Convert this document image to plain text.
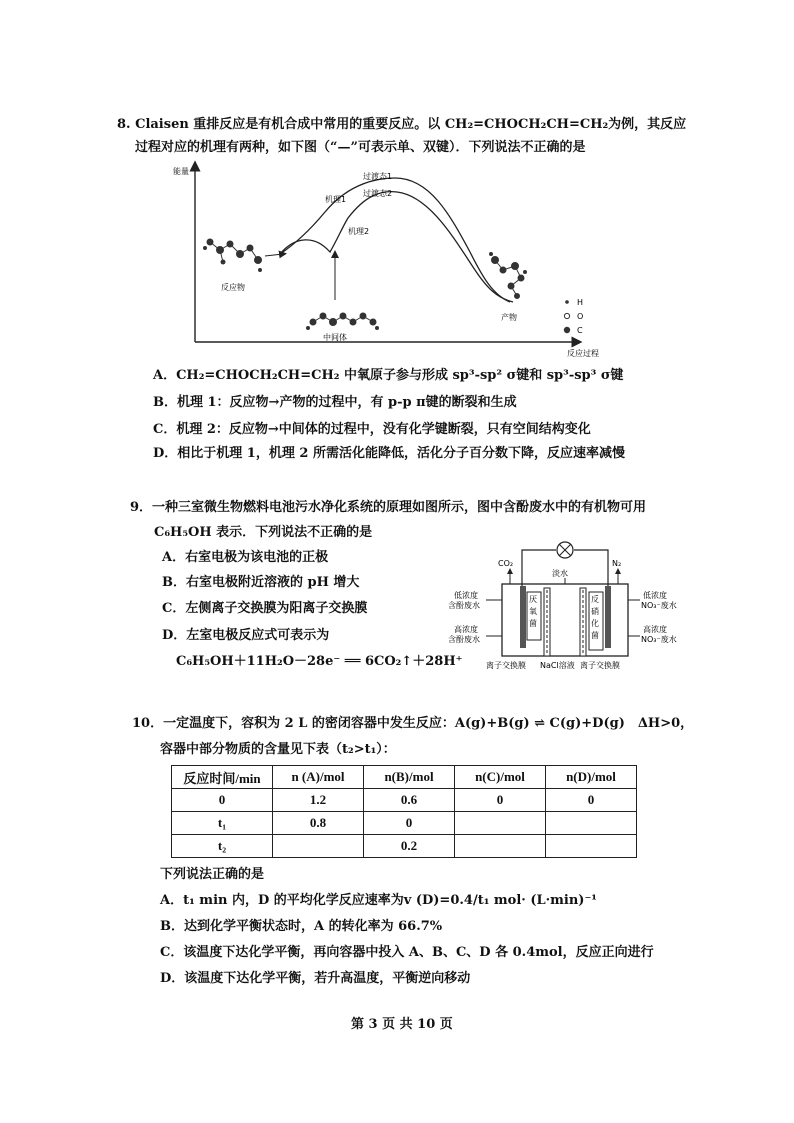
8. Claisen 重排反应是有机合成中常用的重要反应。以 CH₂=CHOCH₂CH=CH₂为例，其反应
过程对应的机理有两种，如下图（“—”可表示单、双键）．下列说法不正确的是
能量
反应过程
过渡态1
过渡态2
机理1
机理2
反应物
中间体
产物
H
O
C
A．CH₂=CHOCH₂CH=CH₂ 中氧原子参与形成 sp³-sp² σ键和 sp³-sp³ σ键
B．机理 1：反应物→产物的过程中，有 p-p π键的断裂和生成
C．机理 2：反应物→中间体的过程中，没有化学键断裂，只有空间结构变化
D．相比于机理 1，机理 2 所需活化能降低，活化分子百分数下降，反应速率减慢
9．一种三室微生物燃料电池污水净化系统的原理如图所示，图中含酚废水中的有机物可用
C₆H₅OH 表示．下列说法不正确的是
A．右室电极为该电池的正极
B．右室电极附近溶液的 pH 增大
C．左侧离子交换膜为阳离子交换膜
D．左室电极反应式可表示为
C₆H₅OH＋11H₂O－28e⁻ ══ 6CO₂↑＋28H⁺
厌
氧
菌
反
硝
化
菌
CO₂	N₂
淡水
低浓度
含酚废水
高浓度
含酚废水
低浓度
NO₃⁻废水
高浓度
NO₃⁻废水
离子交换膜 NaCl溶液 离子交换膜
10．一定温度下，容积为 2 L 的密闭容器中发生反应：A(g)+B(g) ⇌ C(g)+D(g)　ΔH>0，
容器中部分物质的含量见下表（t₂>t₁）：
反应时间/min	n (A)/mol	n(B)/mol	n(C)/mol	n(D)/mol
0	1.2	0.6	0	0
t₁	0.8	0		
t₂		0.2		
下列说法正确的是
A．t₁ min 内，D 的平均化学反应速率为v (D)=0.4/t₁ mol· (L·min)⁻¹
B．达到化学平衡状态时，A 的转化率为 66.7%
C．该温度下达化学平衡，再向容器中投入 A、B、C、D 各 0.4mol，反应正向进行
D．该温度下达化学平衡，若升高温度，平衡逆向移动
第 3 页 共 10 页
